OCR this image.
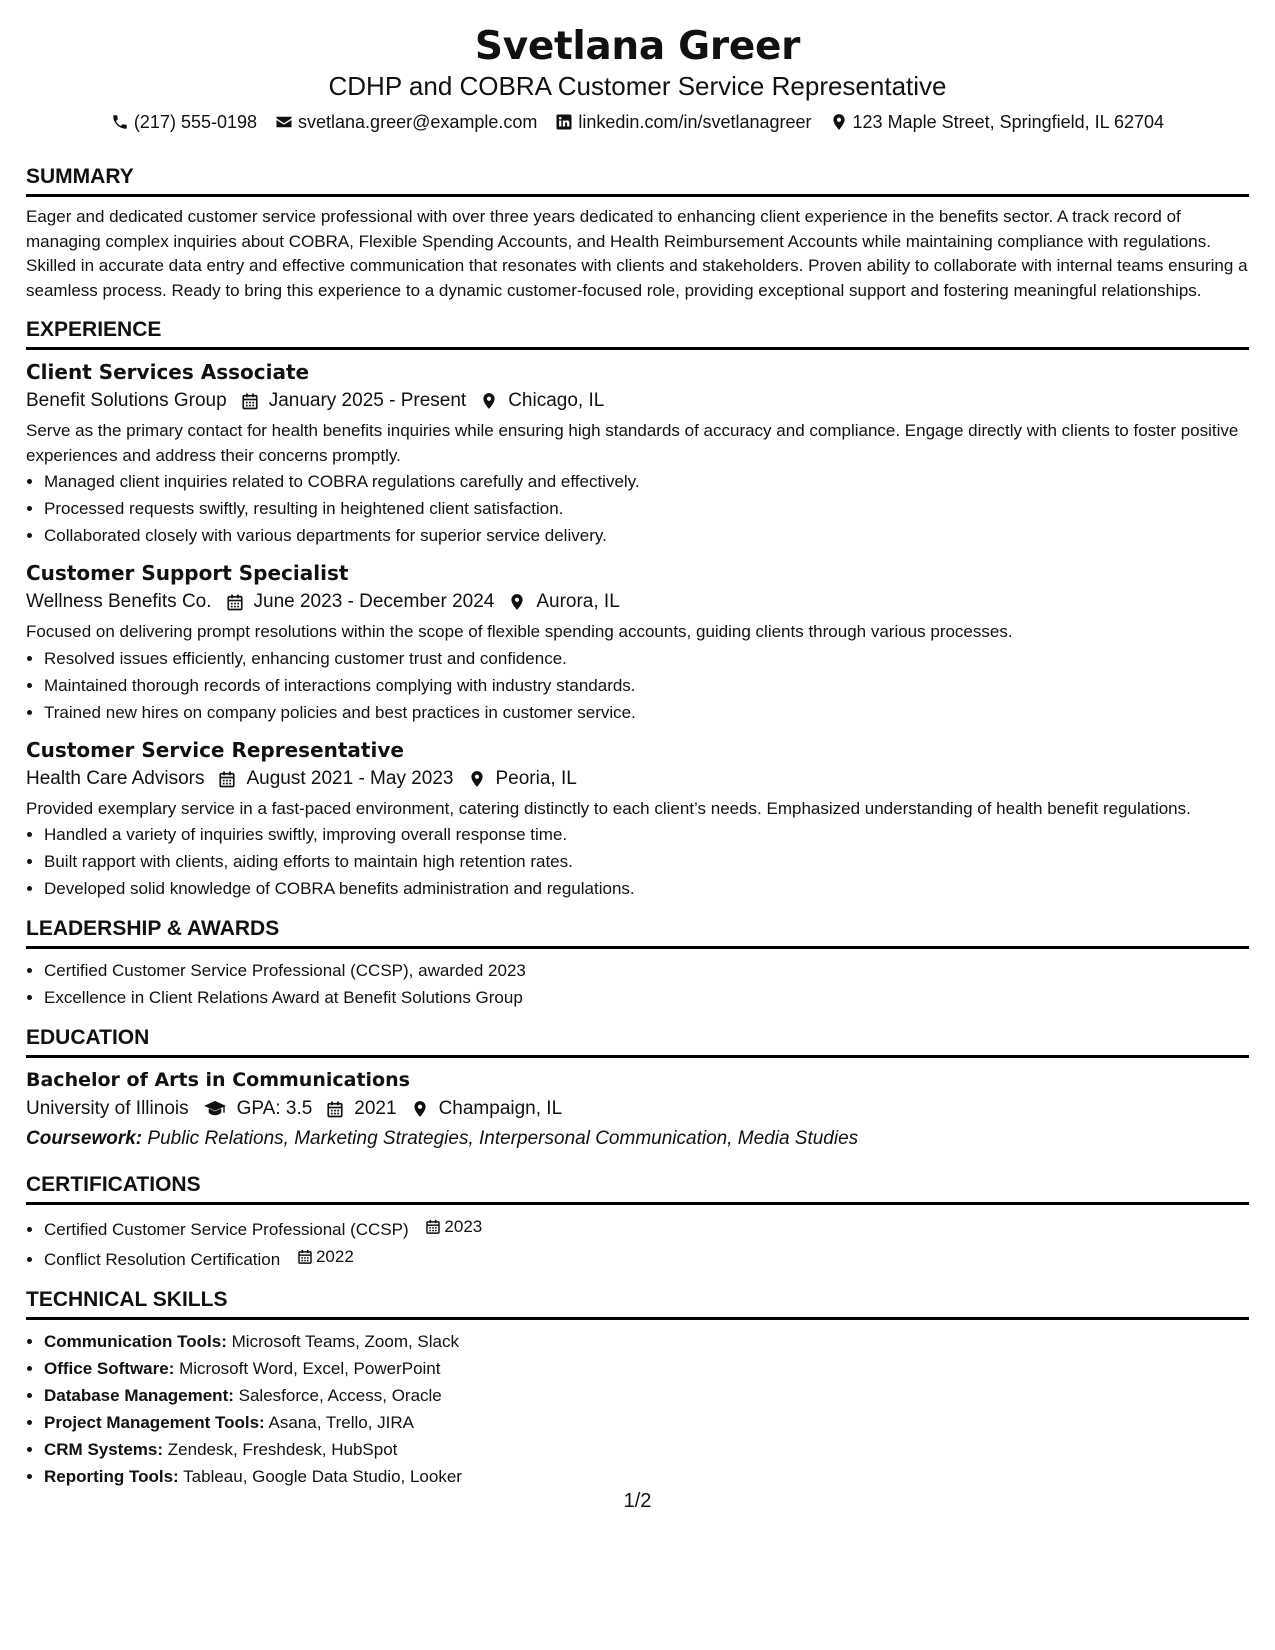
Svetlana Greer
CDHP and COBRA Customer Service Representative
(217) 555-0198 svetlana.greer@example.com linkedin.com/in/svetlanagreer 123 Maple Street, Springfield, IL 62704
SUMMARY
Eager and dedicated customer service professional with over three years dedicated to enhancing client experience in the benefits sector. A track record of managing complex inquiries about COBRA, Flexible Spending Accounts, and Health Reimbursement Accounts while maintaining compliance with regulations. Skilled in accurate data entry and effective communication that resonates with clients and stakeholders. Proven ability to collaborate with internal teams ensuring a seamless process. Ready to bring this experience to a dynamic customer-focused role, providing exceptional support and fostering meaningful relationships.
EXPERIENCE
Client Services Associate
Benefit Solutions Group January 2025 - Present Chicago, IL
Serve as the primary contact for health benefits inquiries while ensuring high standards of accuracy and compliance. Engage directly with clients to foster positive experiences and address their concerns promptly.
• Managed client inquiries related to COBRA regulations carefully and effectively.
• Processed requests swiftly, resulting in heightened client satisfaction.
• Collaborated closely with various departments for superior service delivery.
Customer Support Specialist
Wellness Benefits Co. June 2023 - December 2024 Aurora, IL
Focused on delivering prompt resolutions within the scope of flexible spending accounts, guiding clients through various processes.
• Resolved issues efficiently, enhancing customer trust and confidence.
• Maintained thorough records of interactions complying with industry standards.
• Trained new hires on company policies and best practices in customer service.
Customer Service Representative
Health Care Advisors August 2021 - May 2023 Peoria, IL
Provided exemplary service in a fast-paced environment, catering distinctly to each client’s needs. Emphasized understanding of health benefit regulations.
• Handled a variety of inquiries swiftly, improving overall response time.
• Built rapport with clients, aiding efforts to maintain high retention rates.
• Developed solid knowledge of COBRA benefits administration and regulations.
LEADERSHIP & AWARDS
• Certified Customer Service Professional (CCSP), awarded 2023
• Excellence in Client Relations Award at Benefit Solutions Group
EDUCATION
Bachelor of Arts in Communications
University of Illinois	GPA: 3.5 2021 Champaign, IL
Coursework: Public Relations, Marketing Strategies, Interpersonal Communication, Media Studies
CERTIFICATIONS
• Certified Customer Service Professional (CCSP) 2023
• Conflict Resolution Certification 2022
TECHNICAL SKILLS
• Communication Tools: Microsoft Teams, Zoom, Slack
• Office Software: Microsoft Word, Excel, PowerPoint
• Database Management: Salesforce, Access, Oracle
• Project Management Tools: Asana, Trello, JIRA
• CRM Systems: Zendesk, Freshdesk, HubSpot
• Reporting Tools: Tableau, Google Data Studio, Looker
1/2
